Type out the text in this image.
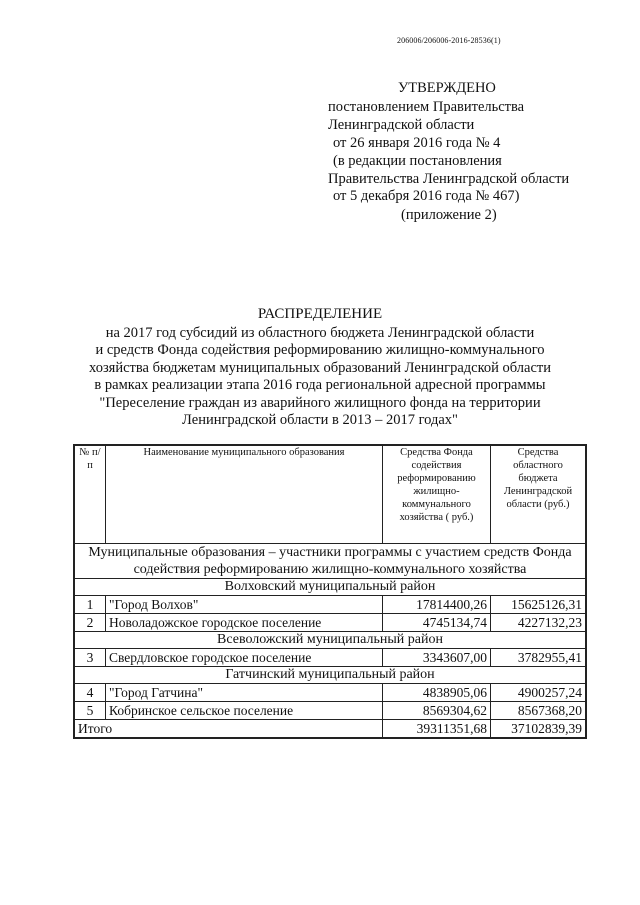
206006/206006-2016-28536(1)
УТВЕРЖДЕНО
постановлением Правительства
Ленинградской области
от 26 января 2016 года № 4
(в редакции постановления
Правительства Ленинградской области
от 5 декабря 2016 года № 467)
(приложение 2)
РАСПРЕДЕЛЕНИЕ
на 2017 год субсидий из областного бюджета Ленинградской области
и средств Фонда содействия реформированию жилищно-коммунального
хозяйства бюджетам муниципальных образований Ленинградской области
в рамках реализации этапа 2016 года региональной адресной программы
"Переселение граждан из аварийного жилищного фонда на территории
Ленинградской области в 2013 – 2017 годах"
№ п/п	Наименование муниципального образования	Средства Фонда содействия реформированию жилищно-коммунального хозяйства ( руб.)	Средства областного бюджета Ленинградской области (руб.)
Муниципальные образования – участники программы с участием средств Фонда содействия реформированию жилищно-коммунального хозяйства			
Волховский муниципальный район			
1	"Город Волхов"	17814400,26	15625126,31
2	Новоладожское городское поселение	4745134,74	4227132,23
Всеволожский муниципальный район			
3	Свердловское городское поселение	3343607,00	3782955,41
Гатчинский муниципальный район			
4	"Город Гатчина"	4838905,06	4900257,24
5	Кобринское сельское поселение	8569304,62	8567368,20
Итого		39311351,68	37102839,39
